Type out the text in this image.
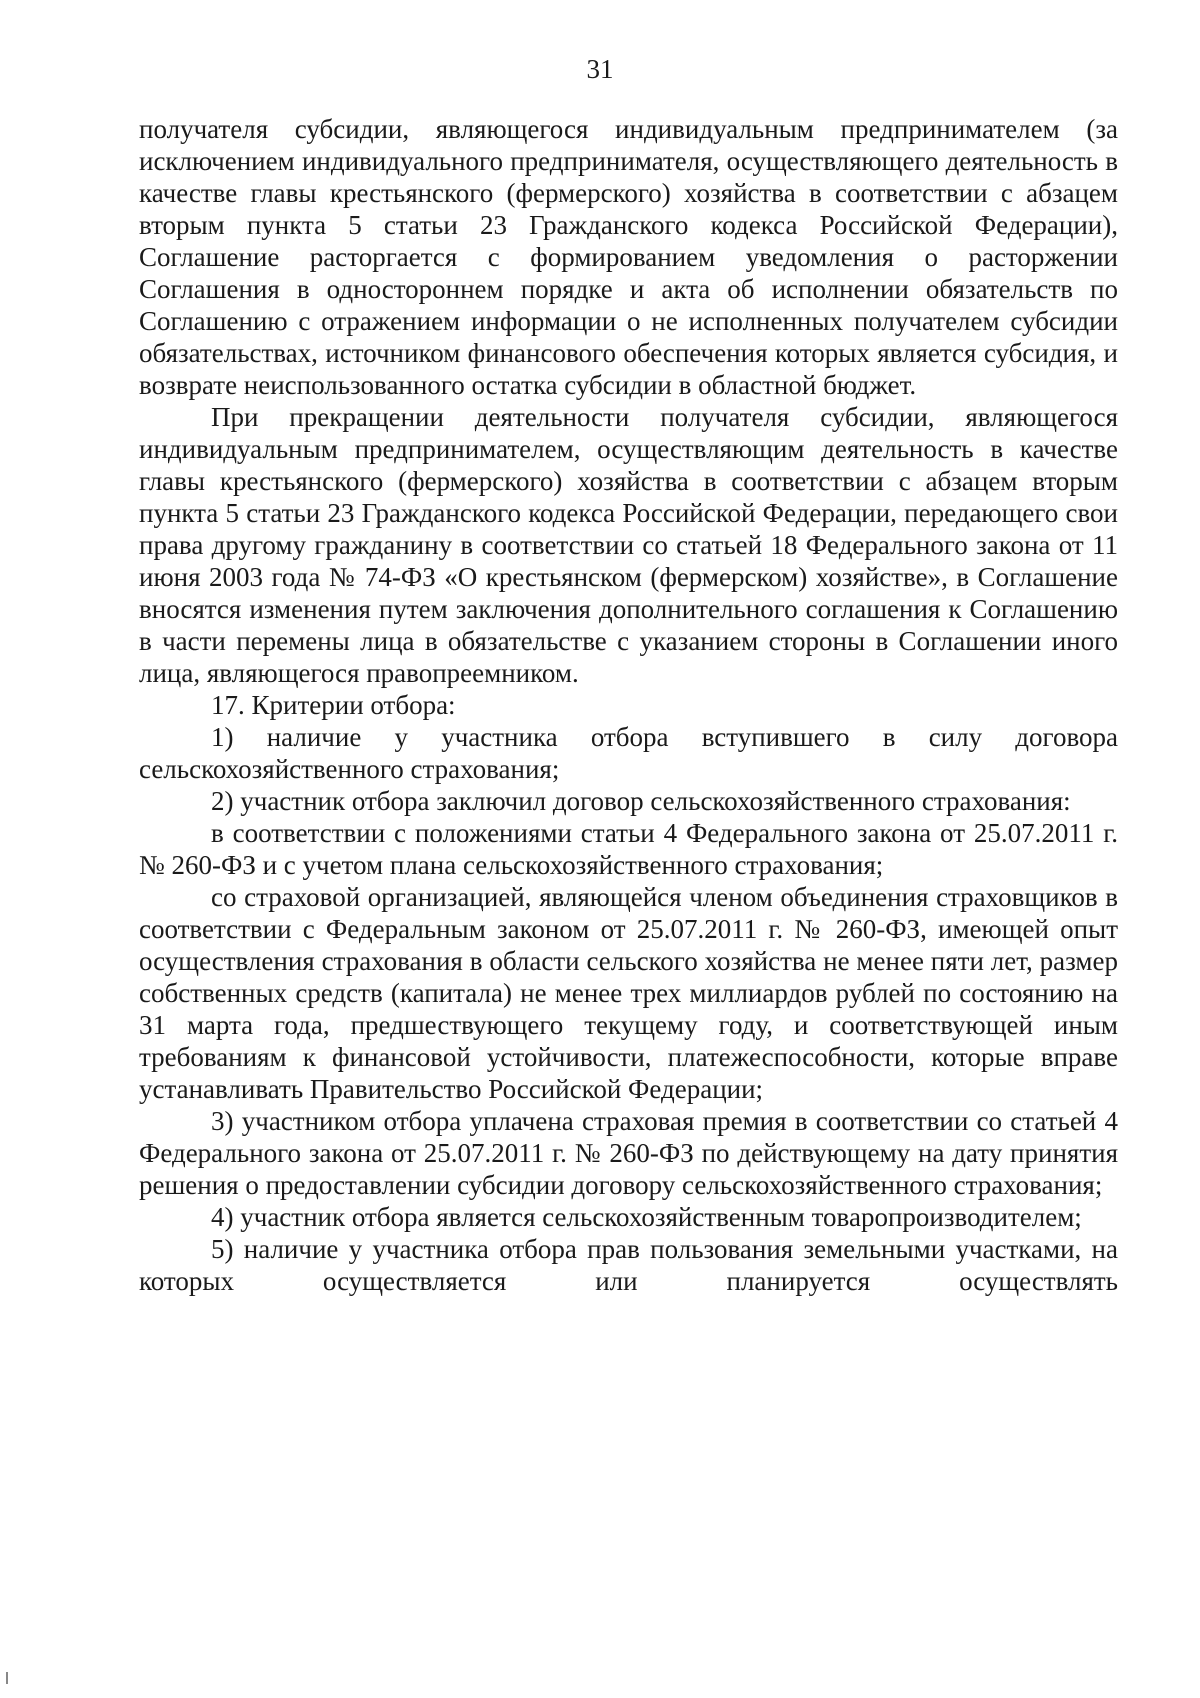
31

получателя субсидии, являющегося индивидуальным предпринимателем (за исключением индивидуального предпринимателя, осуществляющего деятельность в качестве главы крестьянского (фермерского) хозяйства в соответствии с абзацем вторым пункта 5 статьи 23 Гражданского кодекса Российской Федерации), Соглашение расторгается с формированием уведомления о расторжении Соглашения в одностороннем порядке и акта об исполнении обязательств по Соглашению с отражением информации о не исполненных получателем субсидии обязательствах, источником финансового обеспечения которых является субсидия, и возврате неиспользованного остатка субсидии в областной бюджет.

При прекращении деятельности получателя субсидии, являющегося индивидуальным предпринимателем, осуществляющим деятельность в качестве главы крестьянского (фермерского) хозяйства в соответствии с абзацем вторым пункта 5 статьи 23 Гражданского кодекса Российской Федерации, передающего свои права другому гражданину в соответствии со статьей 18 Федерального закона от 11 июня 2003 года № 74-ФЗ «О крестьянском (фермерском) хозяйстве», в Соглашение вносятся изменения путем заключения дополнительного соглашения к Соглашению в части перемены лица в обязательстве с указанием стороны в Соглашении иного лица, являющегося правопреемником.

17. Критерии отбора:

1) наличие у участника отбора вступившего в силу договора сельскохозяйственного страхования;

2) участник отбора заключил договор сельскохозяйственного страхования:

в соответствии с положениями статьи 4 Федерального закона от 25.07.2011 г. № 260-ФЗ и с учетом плана сельскохозяйственного страхования;

со страховой организацией, являющейся членом объединения страховщиков в соответствии с Федеральным законом от 25.07.2011 г. № 260-ФЗ, имеющей опыт осуществления страхования в области сельского хозяйства не менее пяти лет, размер собственных средств (капитала) не менее трех миллиардов рублей по состоянию на 31 марта года, предшествующего текущему году, и соответствующей иным требованиям к финансовой устойчивости, платежеспособности, которые вправе устанавливать Правительство Российской Федерации;

3) участником отбора уплачена страховая премия в соответствии со статьей 4 Федерального закона от 25.07.2011 г. № 260-ФЗ по действующему на дату принятия решения о предоставлении субсидии договору сельскохозяйственного страхования;

4) участник отбора является сельскохозяйственным товаропроизводителем;

5) наличие у участника отбора прав пользования земельными участками, на которых осуществляется или планируется осуществлять
